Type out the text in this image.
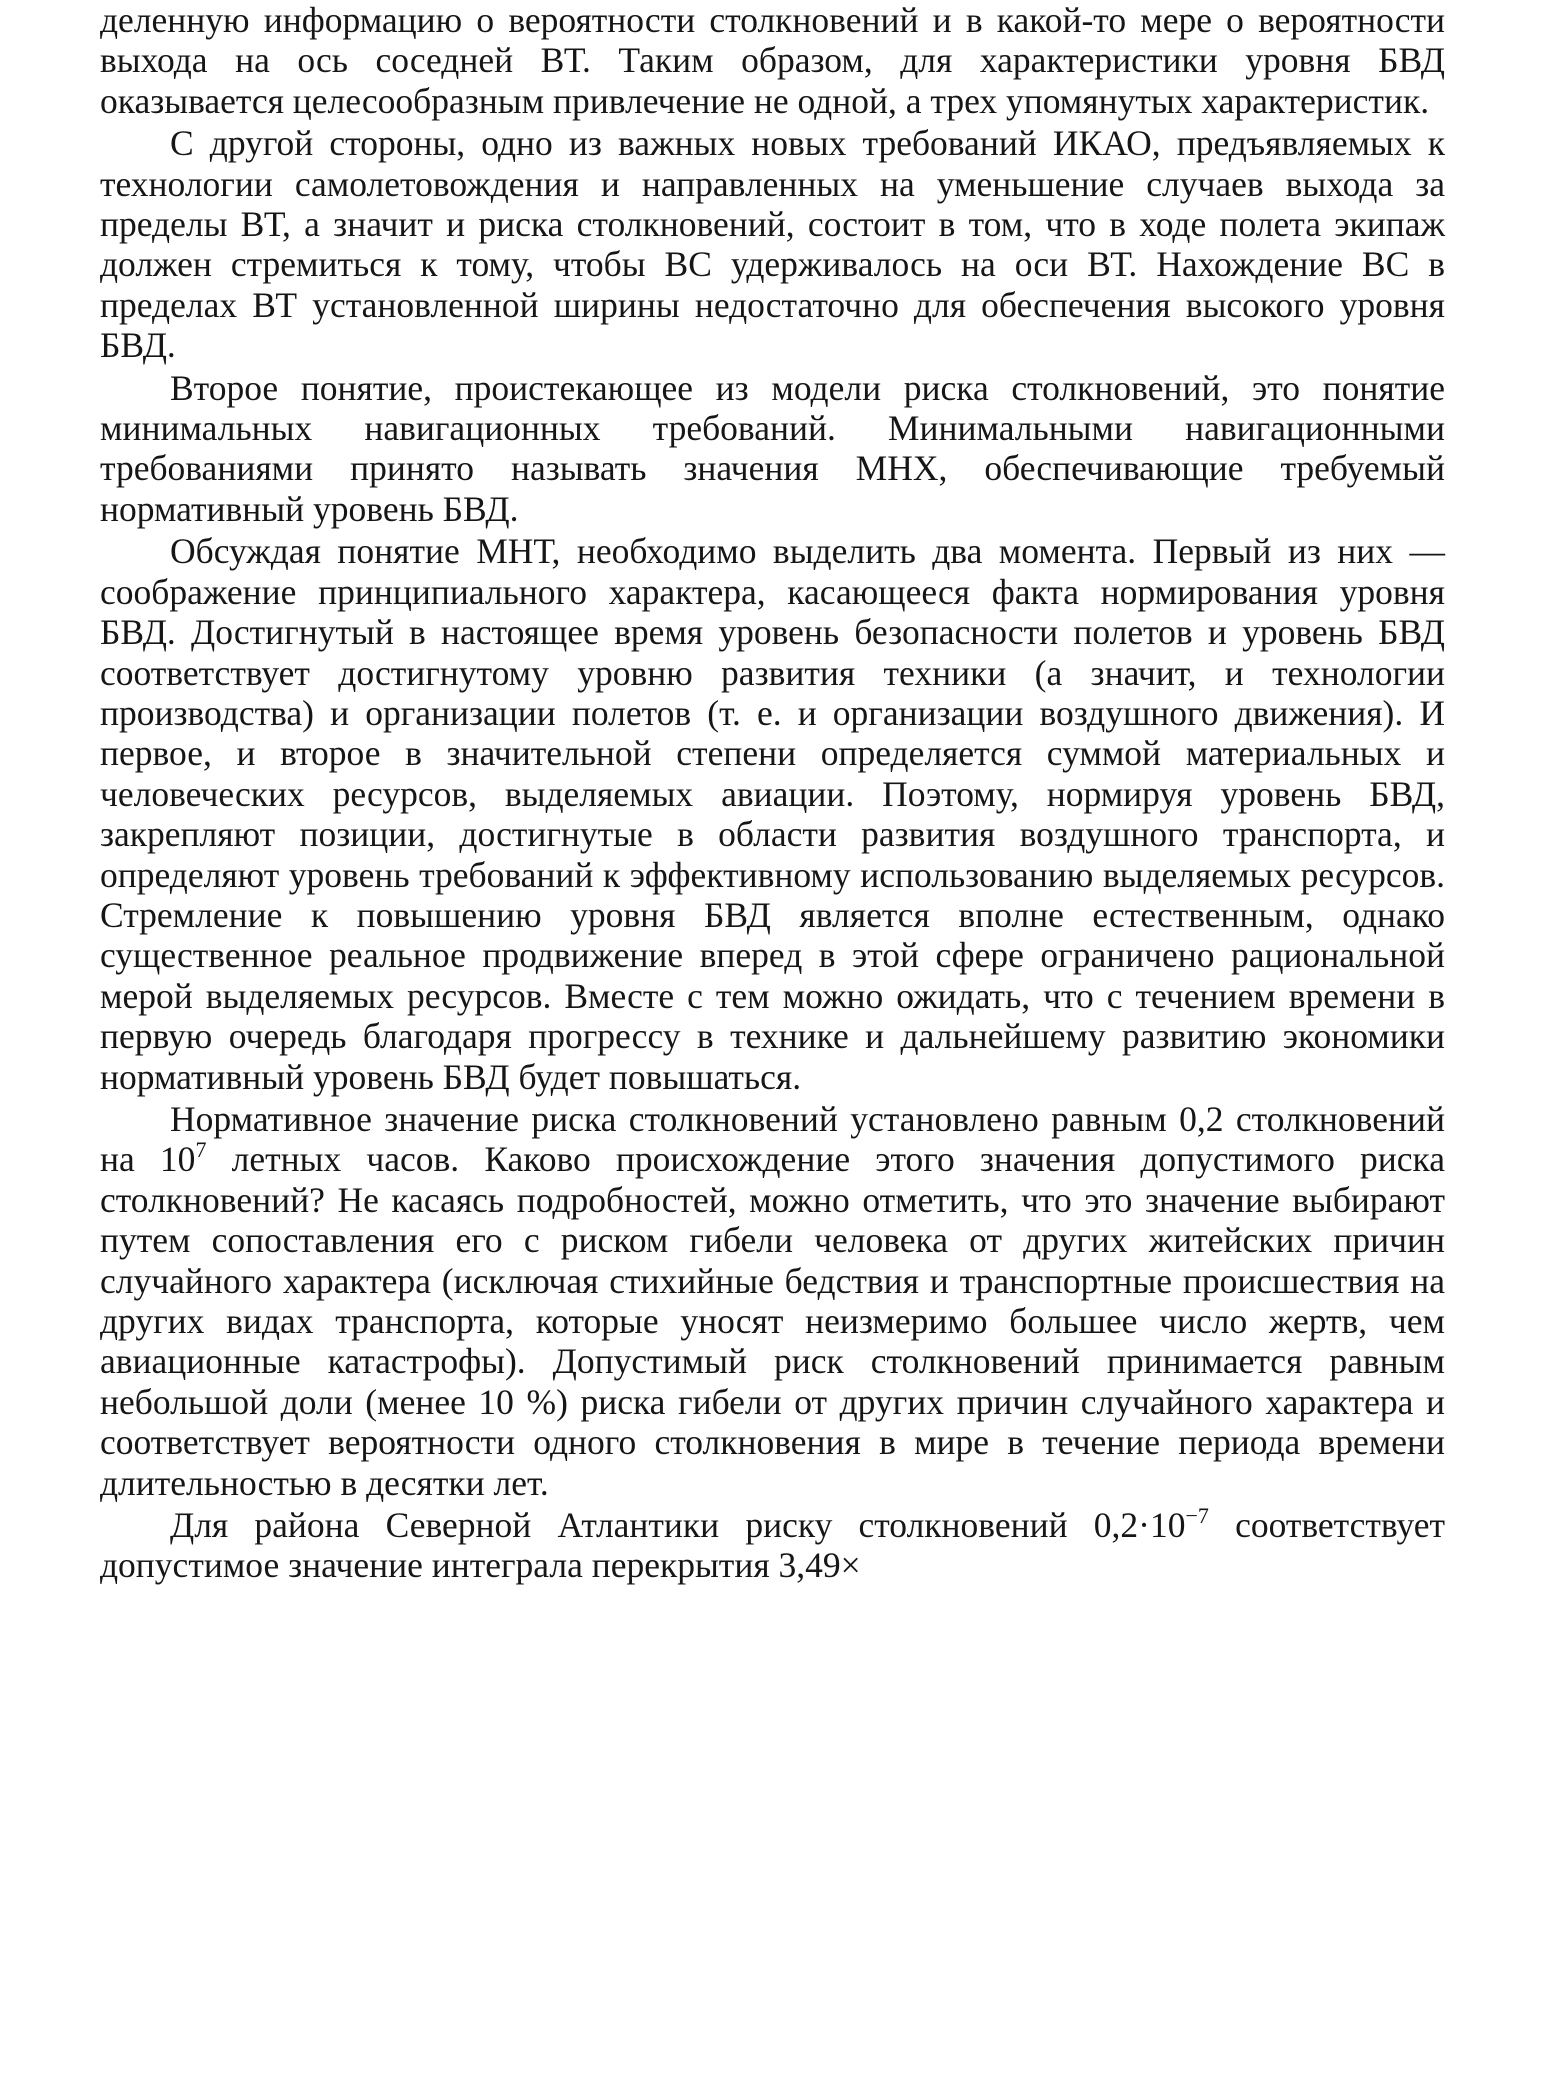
деленную информацию о вероятности столкновений и в какой-то мере о вероятности выхода на ось соседней ВТ. Таким образом, для характеристики уровня БВД оказывается целесообразным привлечение не одной, а трех упомянутых характеристик.

С другой стороны, одно из важных новых требований ИКАО, предъявляемых к технологии самолетовождения и направленных на уменьшение случаев выхода за пределы ВТ, а значит и риска столкновений, состоит в том, что в ходе полета экипаж должен стремиться к тому, чтобы ВС удерживалось на оси ВТ. Нахождение ВС в пределах ВТ установленной ширины недостаточно для обеспечения высокого уровня БВД.

Второе понятие, проистекающее из модели риска столкновений, это понятие минимальных навигационных требований. Минимальными навигационными требованиями принято называть значения МНХ, обеспечивающие требуемый нормативный уровень БВД.

Обсуждая понятие МНТ, необходимо выделить два момента. Первый из них — соображение принципиального характера, касающееся факта нормирования уровня БВД. Достигнутый в настоящее время уровень безопасности полетов и уровень БВД соответствует достигнутому уровню развития техники (а значит, и технологии производства) и организации полетов (т. е. и организации воздушного движения). И первое, и второе в значительной степени определяется суммой материальных и человеческих ресурсов, выделяемых авиации. Поэтому, нормируя уровень БВД, закрепляют позиции, достигнутые в области развития воздушного транспорта, и определяют уровень требований к эффективному использованию выделяемых ресурсов. Стремление к повышению уровня БВД является вполне естественным, однако существенное реальное продвижение вперед в этой сфере ограничено рациональной мерой выделяемых ресурсов. Вместе с тем можно ожидать, что с течением времени в первую очередь благодаря прогрессу в технике и дальнейшему развитию экономики нормативный уровень БВД будет повышаться.

Нормативное значение риска столкновений установлено равным 0,2 столкновений на $10^7$ летных часов. Каково происхождение этого значения допустимого риска столкновений? Не касаясь подробностей, можно отметить, что это значение выбирают путем сопоставления его с риском гибели человека от других житейских причин случайного характера (исключая стихийные бедствия и транспортные происшествия на других видах транспорта, которые уносят неизмеримо большее число жертв, чем авиационные катастрофы). Допустимый риск столкновений принимается равным небольшой доли (менее 10 %) риска гибели от других причин случайного характера и соответствует вероятности одного столкновения в мире в течение периода времени длительностью в десятки лет.

Для района Северной Атлантики риску столкновений $0,2\cdot 10^{-7}$ соответствует допустимое значение интеграла перекрытия 3,49×
